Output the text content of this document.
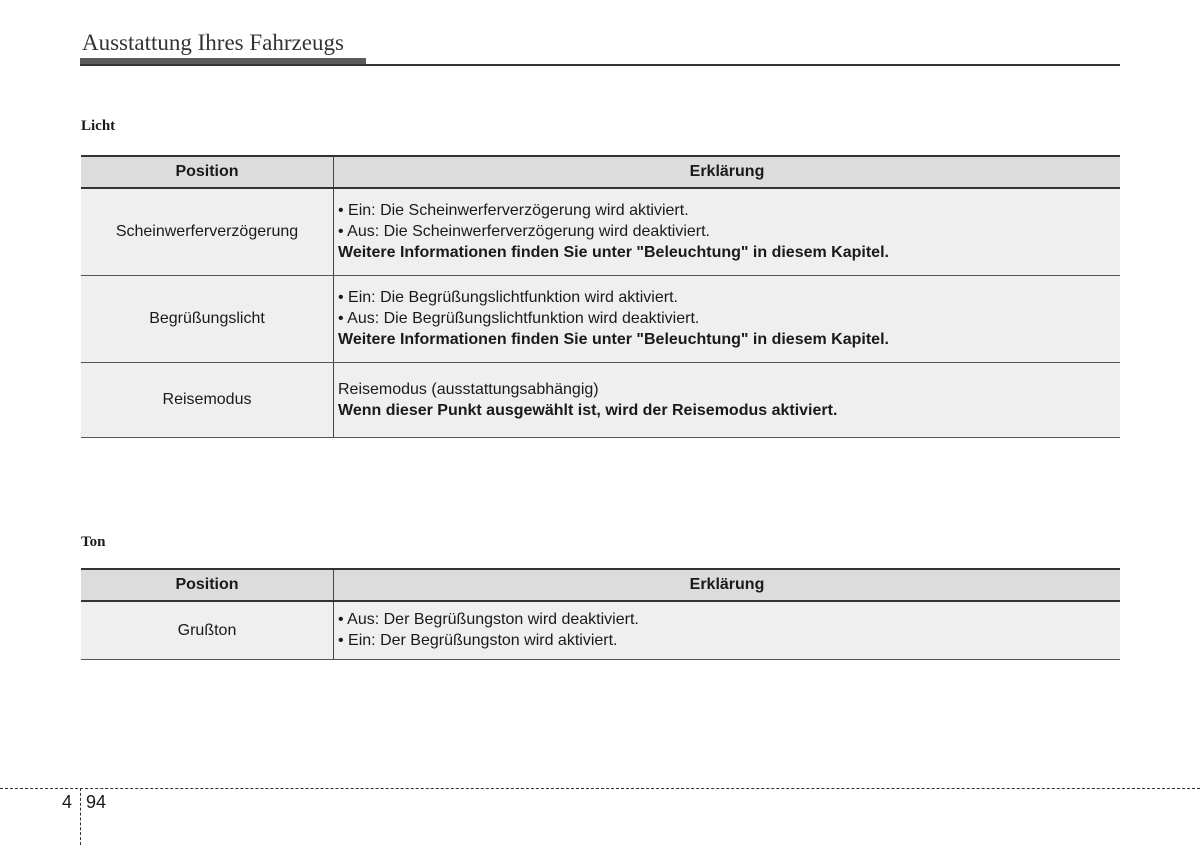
Ausstattung Ihres Fahrzeugs
Licht
Position	Erklärung
Scheinwerferverzögerung	• Ein: Die Scheinwerferverzögerung wird aktiviert.
• Aus: Die Scheinwerferverzögerung wird deaktiviert.
Weitere Informationen finden Sie unter "Beleuchtung" in diesem Kapitel.

Begrüßungslicht	• Ein: Die Begrüßungslichtfunktion wird aktiviert.
• Aus: Die Begrüßungslichtfunktion wird deaktiviert.
Weitere Informationen finden Sie unter "Beleuchtung" in diesem Kapitel.

Reisemodus	Reisemodus (ausstattungsabhängig)
Wenn dieser Punkt ausgewählt ist, wird der Reisemodus aktiviert.
Ton
Position	Erklärung
Grußton	• Aus: Der Begrüßungston wird deaktiviert.
• Ein: Der Begrüßungston wird aktiviert.
4 94
